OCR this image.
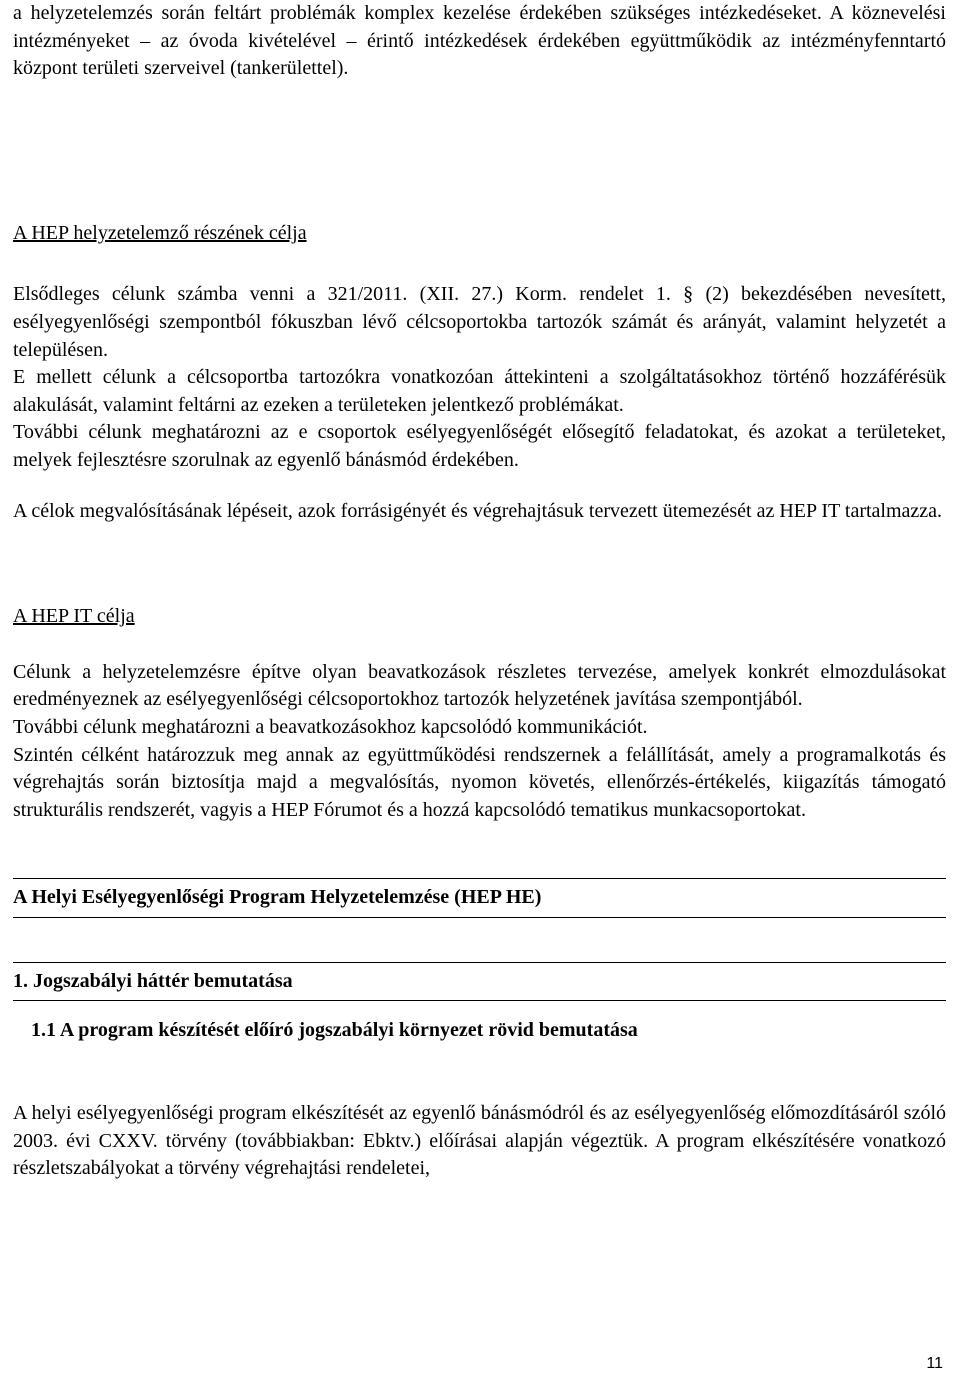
a helyzetelemzés során feltárt problémák komplex kezelése érdekében szükséges intézkedéseket. A köznevelési intézményeket – az óvoda kivételével – érintő intézkedések érdekében együttműködik az intézményfenntartó központ területi szerveivel (tankerülettel).

A HEP helyzetelemző részének célja

Elsődleges célunk számba venni a 321/2011. (XII. 27.) Korm. rendelet 1. § (2) bekezdésében nevesített, esélyegyenlőségi szempontból fókuszban lévő célcsoportokba tartozók számát és arányát, valamint helyzetét a településen.

E mellett célunk a célcsoportba tartozókra vonatkozóan áttekinteni a szolgáltatásokhoz történő hozzáférésük alakulását, valamint feltárni az ezeken a területeken jelentkező problémákat.

További célunk meghatározni az e csoportok esélyegyenlőségét elősegítő feladatokat, és azokat a területeket, melyek fejlesztésre szorulnak az egyenlő bánásmód érdekében.

A célok megvalósításának lépéseit, azok forrásigényét és végrehajtásuk tervezett ütemezését az HEP IT tartalmazza.

A HEP IT célja

Célunk a helyzetelemzésre építve olyan beavatkozások részletes tervezése, amelyek konkrét elmozdulásokat eredményeznek az esélyegyenlőségi célcsoportokhoz tartozók helyzetének javítása szempontjából.

További célunk meghatározni a beavatkozásokhoz kapcsolódó kommunikációt.

Szintén célként határozzuk meg annak az együttműködési rendszernek a felállítását, amely a programalkotás és végrehajtás során biztosítja majd a megvalósítás, nyomon követés, ellenőrzés-értékelés, kiigazítás támogató strukturális rendszerét, vagyis a HEP Fórumot és a hozzá kapcsolódó tematikus munkacsoportokat.

A Helyi Esélyegyenlőségi Program Helyzetelemzése (HEP HE)
1. Jogszabályi háttér bemutatása

1.1 A program készítését előíró jogszabályi környezet rövid bemutatása

A helyi esélyegyenlőségi program elkészítését az egyenlő bánásmódról és az esélyegyenlőség előmozdításáról szóló 2003. évi CXXV. törvény (továbbiakban: Ebktv.) előírásai alapján végeztük. A program elkészítésére vonatkozó részletszabályokat a törvény végrehajtási rendeletei,

11
